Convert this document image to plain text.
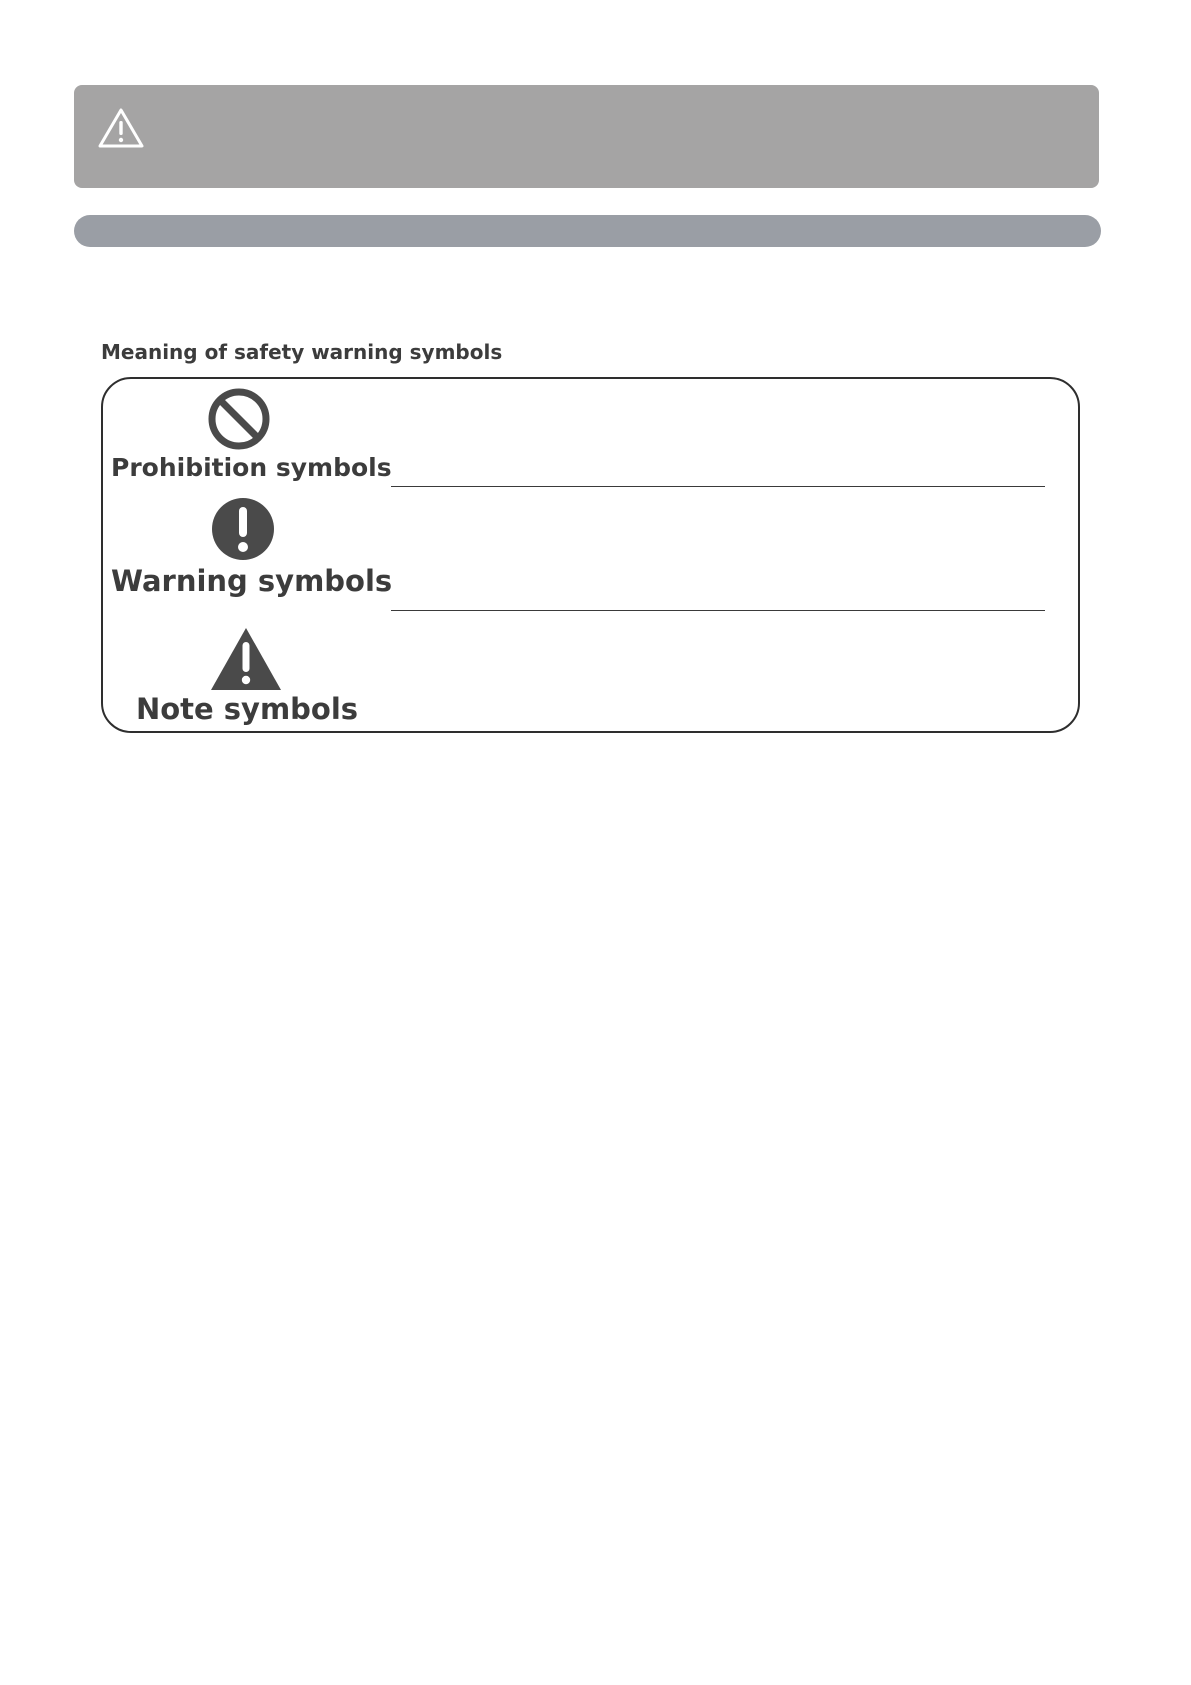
Meaning of safety warning symbols
Prohibition symbols
Warning symbols
Note symbols
